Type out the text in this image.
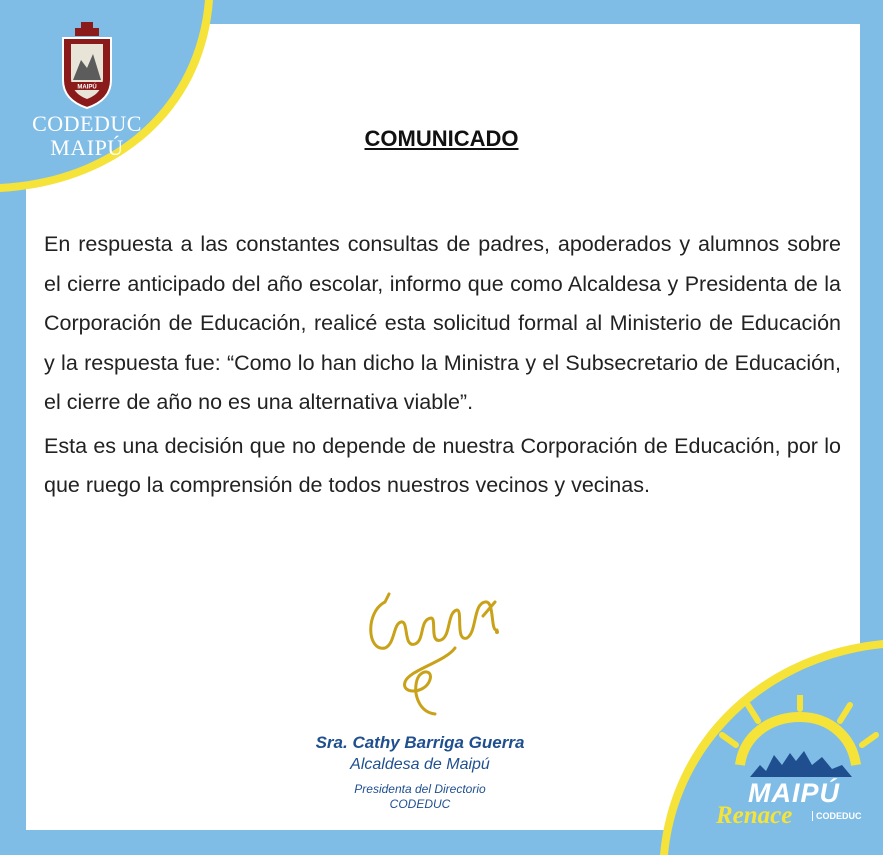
MAIPÚ
CODEDUC
MAIPÚ	COMUNICADO

En respuesta a las constantes consultas de padres, apoderados y alumnos sobre el cierre anticipado del año escolar, informo que como Alcaldesa y Presidenta de la Corporación de Educación, realicé esta solicitud formal al Ministerio de Educación y la respuesta fue: “Como lo han dicho la Ministra y el Subsecretario de Educación, el cierre de año no es una alternativa viable”.

Esta es una decisión que no depende de nuestra Corporación de Educación, por lo que ruego la comprensión de todos nuestros vecinos y vecinas.

Sra. Cathy Barriga Guerra
Alcaldesa de Maipú
Presidenta del Directorio
CODEDUC	MAIPÚ
Renace	CODEDUC
